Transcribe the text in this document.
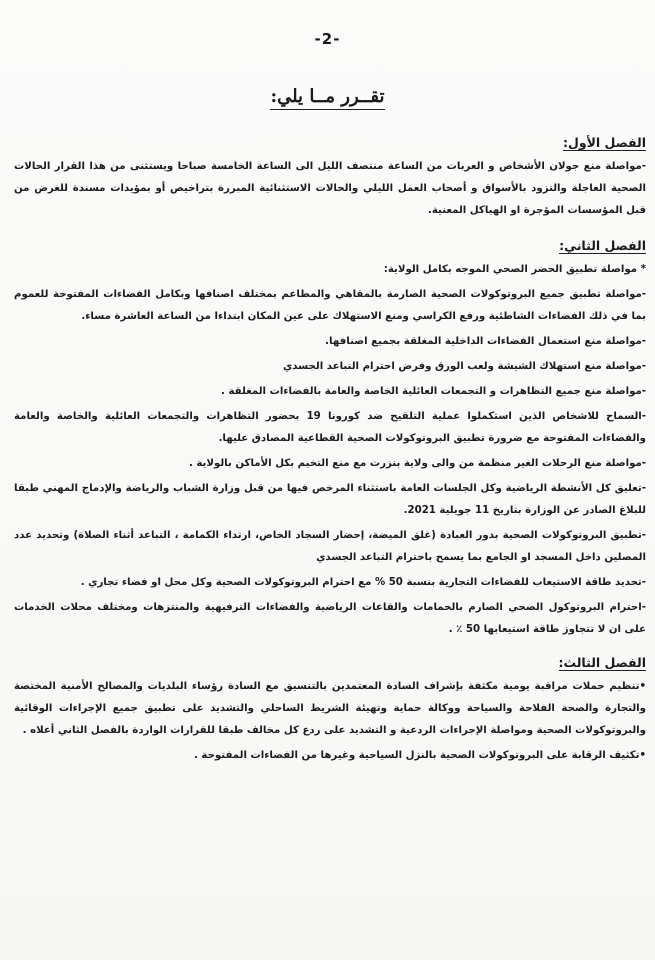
-2-
تقــرر مــا يلي:
الفصل الأول:

-مواصلة منع جولان الأشخاص و العربات من الساعة منتصف الليل الى الساعة الخامسة صباحا ويستثنى من هذا القرار الحالات الصحية العاجلة والتزود بالأسواق و أصحاب العمل الليلي والحالات الاستثنائية المبررة بتراخيص أو بمؤيدات مسندة للغرض من قبل المؤسسات المؤجرة او الهياكل المعنية.

الفصل الثاني:

* مواصلة تطبيق الحضر الصحي الموجه بكامل الولاية:

-مواصلة تطبيق جميع البروتوكولات الصحية الصارمة بالمقاهي والمطاعم بمختلف اصنافها وبكامل الفضاءات المفتوحة للعموم بما في ذلك الفضاءات الشاطئية ورفع الكراسي ومنع الاستهلاك على عين المكان ابتداءا من الساعة العاشرة مساء.

-مواصلة منع استعمال الفضاءات الداخلية المغلقة بجميع اصنافها.

-مواصلة منع استهلاك الشيشة ولعب الورق وفرض احترام التباعد الجسدي

-مواصلة منع جميع التظاهرات و التجمعات العائلية الخاصة والعامة بالفضاءات المغلقة .

-السماح للاشخاص الذين استكملوا عملية التلقيح ضد كورونا 19 بحضور التظاهرات والتجمعات العائلية والخاصة والعامة والفضاءات المفتوحة مع ضرورة تطبيق البروتوكولات الصحية القطاعية المصادق عليها.

-مواصلة منع الرحلات الغير منظمة من والى ولاية بنزرت مع منع التخيم بكل الأماكن بالولاية .

-تعليق كل الأنشطة الرياضية وكل الجلسات العامة باستثناء المرخص فيها من قبل وزارة الشباب والرياضة والإدماج المهني طبقا للبلاغ الصادر عن الوزارة بتاريخ 11 جويلية 2021.

-تطبيق البروتوكولات الصحية بدور العبادة (غلق الميضة، إحضار السجاد الخاص، ارتداء الكمامة ، التباعد أثناء الصلاة) وتحديد عدد المصلين داخل المسجد او الجامع بما يسمح باحترام التباعد الجسدي

-تحديد طاقة الاستيعاب للفضاءات التجارية بنسبة 50 % مع احترام البروتوكولات الصحية وكل محل او فضاء تجاري .

-احترام البروتوكول الصحي الصارم بالحمامات والقاعات الرياضية والفضاءات الترفيهية والمنتزهات ومختلف محلات الخدمات على ان لا تتجاوز طاقة استيعابها 50 ٪ .

الفصل الثالث:

•تنظيم حملات مراقبة يومية مكثفة بإشراف السادة المعتمدين بالتنسيق مع السادة رؤساء البلديات والمصالح الأمنية المختصة والتجارة والصحة الفلاحة والسياحة ووكالة حماية وتهيئة الشريط الساحلي والتشديد على تطبيق جميع الإجراءات الوقائية والبروتوكولات الصحية ومواصلة الإجراءات الردعية و التشديد على ردع كل مخالف طبقا للقرارات الواردة بالفصل الثاني أعلاه .

•تكثيف الرقابة على البروتوكولات الصحية بالنزل السياحية وغيرها من الفضاءات المفتوحة .
